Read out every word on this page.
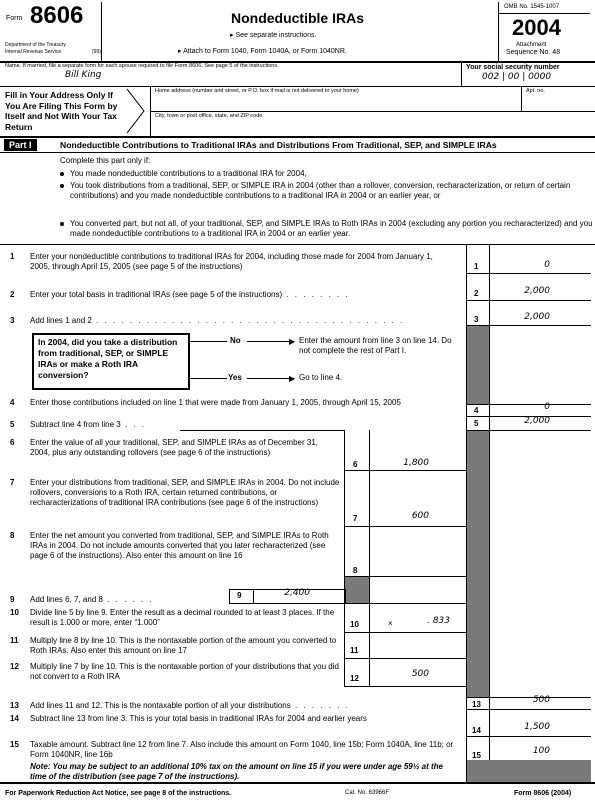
Form 8606
Department of the Treasury
Internal Revenue Service	(99)
Nondeductible IRAs
▸ See separate instructions.
▸ Attach to Form 1040, Form 1040A, or Form 1040NR.
OMB No. 1545-1007
2004
Attachment
Sequence No. 48
Name. If married, file a separate form for each spouse required to file Form 8606. See page 5 of the instructions.
Bill King
Your social security number
002 | 00 | 0000
Fill in Your Address Only If You Are Filing This Form by Itself and Not With Your Tax Return
Home address (number and street, or P.O. box if mail is not delivered to your home)	Apt. no.
City, town or post office, state, and ZIP code
Part I	Nondeductible Contributions to Traditional IRAs and Distributions From Traditional, SEP, and SIMPLE IRAs
Complete this part only if:
You made nondeductible contributions to a traditional IRA for 2004,
You took distributions from a traditional, SEP, or SIMPLE IRA in 2004 (other than a rollover, conversion, recharacterization, or return of certain contributions) and you made nondeductible contributions to a traditional IRA in 2004 or an earlier year, or
You converted part, but not all, of your traditional, SEP, and SIMPLE IRAs to Roth IRAs in 2004 (excluding any portion you recharacterized) and you made nondeductible contributions to a traditional IRA in 2004 or an earlier year.
1 Enter your nondeductible contributions to traditional IRAs for 2004, including those made for 2004 from January 1, 2005, through April 15, 2005 (see page 5 of the instructions)	1	0
2 Enter your total basis in traditional IRAs (see page 5 of the instructions) . . . . . . . .	2	2,000
3 Add lines 1 and 2 . . . . . . . . . . . . . . . . . . . . . . . . . . . . . . . . . . . . .	3	2,000
In 2004, did you take a distribution from traditional, SEP, or SIMPLE IRAs or make a Roth IRA conversion?
No	▶ Enter the amount from line 3 on line 14. Do not complete the rest of Part I.
Yes	▶ Go to line 4.
4 Enter those contributions included on line 1 that were made from January 1, 2005, through April 15, 2005
4	0
5 Subtract line 4 from line 3 . . .	5	2,000
6 Enter the value of all your traditional, SEP, and SIMPLE IRAs as of December 31, 2004, plus any outstanding rollovers (see page 6 of the instructions)
6	1,800
7 Enter your distributions from traditional, SEP, and SIMPLE IRAs in 2004. Do not include rollovers, conversions to a Roth IRA, certain returned contributions, or recharacterizations of traditional IRA contributions (see page 6 of the instructions)
7	600
8 Enter the net amount you converted from traditional, SEP, and SIMPLE IRAs to Roth IRAs in 2004. Do not include amounts converted that you later recharacterized (see page 6 of the instructions). Also enter this amount on line 16
8
9 Add lines 6, 7, and 8 . . . . . .	9	2,400
10 Divide line 5 by line 9. Enter the result as a decimal rounded to at least 3 places. If the result is 1.000 or more, enter “1.000”	10	×	. 833
11 Multiply line 8 by line 10. This is the nontaxable portion of the amount you converted to Roth IRAs. Also enter this amount on line 17	11
12 Multiply line 7 by line 10. This is the nontaxable portion of your distributions that you did not convert to a Roth IRA	12	500
13 Add lines 11 and 12. This is the nontaxable portion of all your distributions . . . . . . .	13	500
14 Subtract line 13 from line 3. This is your total basis in traditional IRAs for 2004 and earlier years
14	1,500
15 Taxable amount. Subtract line 12 from line 7. Also include this amount on Form 1040, line 15b; Form 1040A, line 11b; or Form 1040NR, line 16b	15	100
Note: You may be subject to an additional 10% tax on the amount on line 15 if you were under age 59½ at the time of the distribution (see page 7 of the instructions).
For Paperwork Reduction Act Notice, see page 8 of the instructions.	Cat. No. 63966F	Form 8606 (2004)
